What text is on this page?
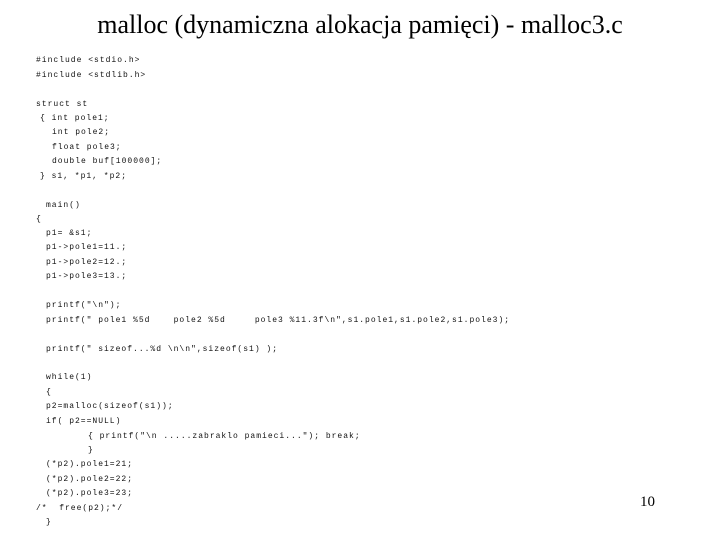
malloc (dynamiczna alokacja pamięci) - malloc3.c
#include <stdio.h>
#include <stdlib.h>
struct st
{ int pole1;
int pole2;
float pole3;
double buf[100000];
} s1, *p1, *p2;
main()
{
p1= &s1;
p1->pole1=11.;
p1->pole2=12.;
p1->pole3=13.;
printf("\n");
printf(" pole1 %5d    pole2 %5d     pole3 %11.3f\n",s1.pole1,s1.pole2,s1.pole3);
printf(" sizeof...%d \n\n",sizeof(s1) );
while(1)
{
p2=malloc(sizeof(s1));
if( p2==NULL)
{ printf("\n .....zabraklo pamieci..."); break;
}
(*p2).pole1=21;
(*p2).pole2=22;
(*p2).pole3=23;
/*  free(p2);*/
}
10
